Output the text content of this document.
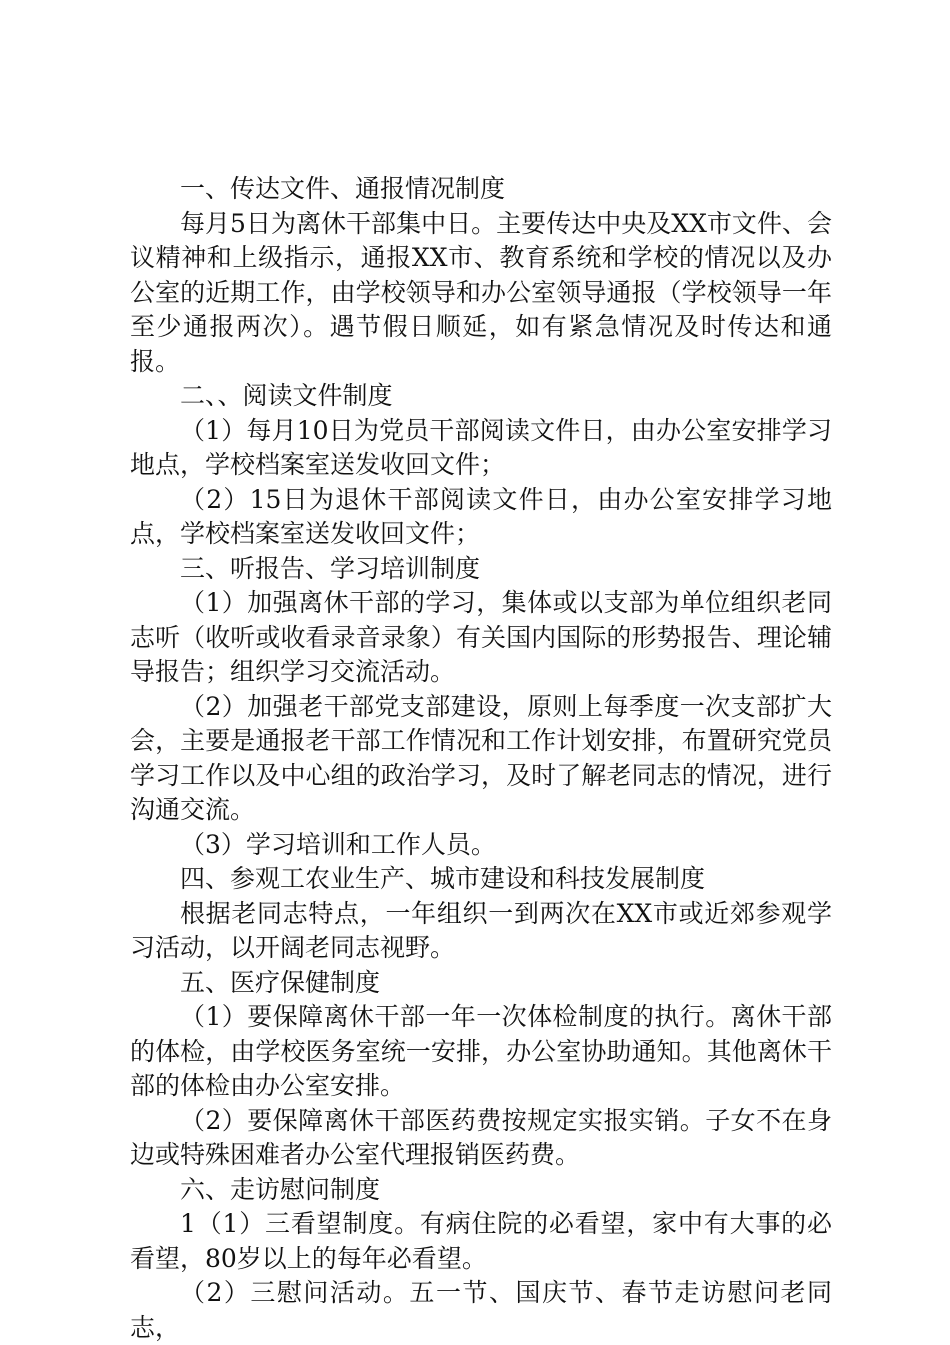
一、传达文件、通报情况制度

每月5日为离休干部集中日。主要传达中央及XX市文件、会议精神和上级指示，通报XX市、教育系统和学校的情况以及办公室的近期工作，由学校领导和办公室领导通报（学校领导一年至少通报两次）。遇节假日顺延，如有紧急情况及时传达和通报。

二、、阅读文件制度

（1）每月10日为党员干部阅读文件日，由办公室安排学习地点，学校档案室送发收回文件；

（2）15日为退休干部阅读文件日，由办公室安排学习地点，学校档案室送发收回文件；

三、听报告、学习培训制度

（1）加强离休干部的学习，集体或以支部为单位组织老同志听（收听或收看录音录象）有关国内国际的形势报告、理论辅导报告；组织学习交流活动。

（2）加强老干部党支部建设，原则上每季度一次支部扩大会，主要是通报老干部工作情况和工作计划安排，布置研究党员学习工作以及中心组的政治学习，及时了解老同志的情况，进行沟通交流。

（3）学习培训和工作人员。

四、参观工农业生产、城市建设和科技发展制度

根据老同志特点，一年组织一到两次在XX市或近郊参观学习活动，以开阔老同志视野。

五、医疗保健制度

（1）要保障离休干部一年一次体检制度的执行。离休干部的体检，由学校医务室统一安排，办公室协助通知。其他离休干部的体检由办公室安排。

（2）要保障离休干部医药费按规定实报实销。子女不在身边或特殊困难者办公室代理报销医药费。

六、走访慰问制度

1（1）三看望制度。有病住院的必看望，家中有大事的必看望，80岁以上的每年必看望。

（2）三慰问活动。五一节、国庆节、春节走访慰问老同志，
